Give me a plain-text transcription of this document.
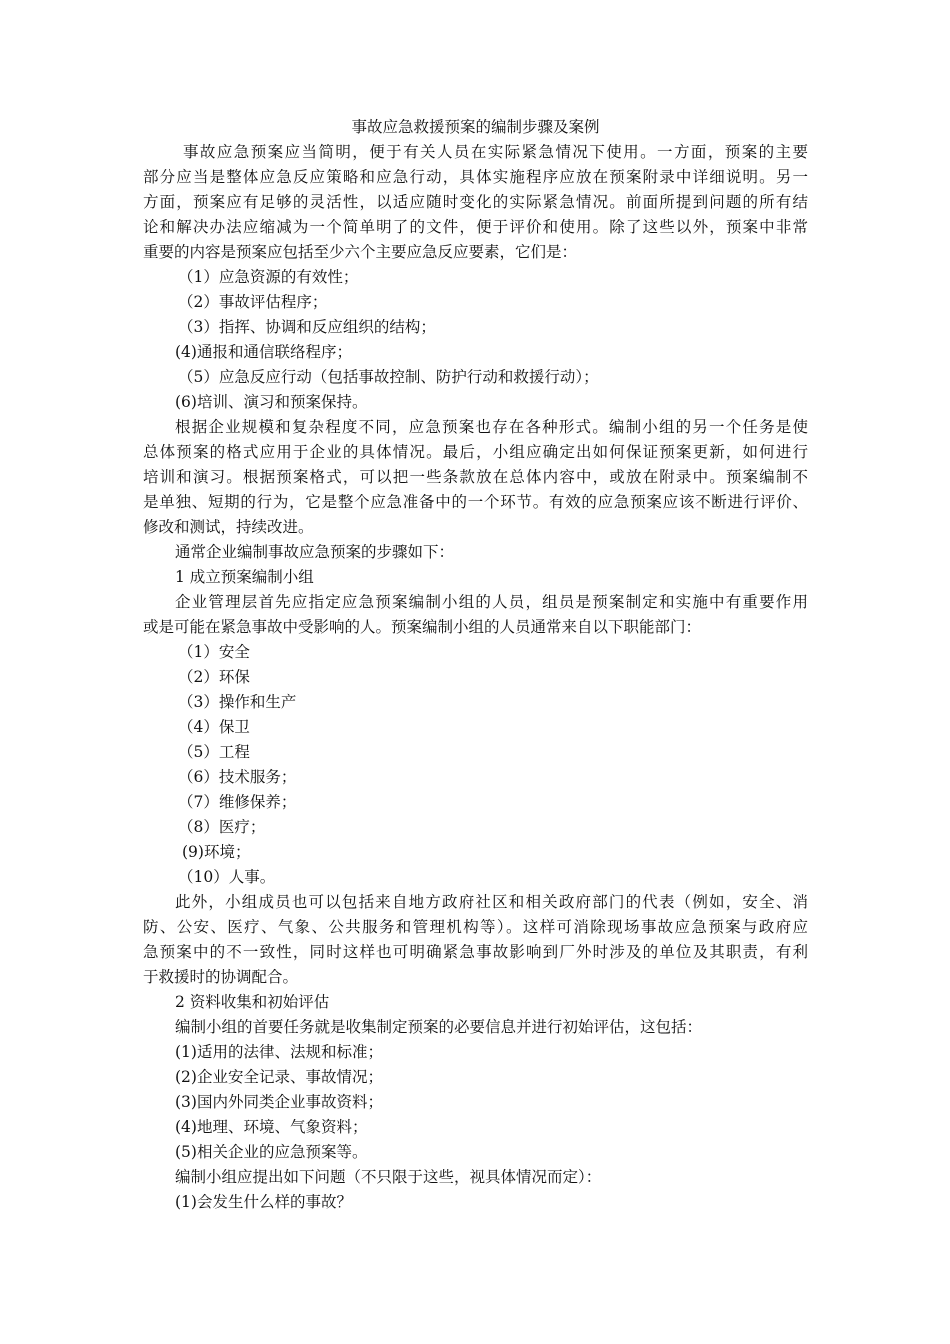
事故应急救援预案的编制步骤及案例
事故应急预案应当简明，便于有关人员在实际紧急情况下使用。一方面，预案的主要
部分应当是整体应急反应策略和应急行动，具体实施程序应放在预案附录中详细说明。另一
方面，预案应有足够的灵活性，以适应随时变化的实际紧急情况。前面所提到问题的所有结
论和解决办法应缩减为一个简单明了的文件，便于评价和使用。除了这些以外，预案中非常
重要的内容是预案应包括至少六个主要应急反应要素，它们是：
（1）应急资源的有效性；
（2）事故评估程序；
（3）指挥、协调和反应组织的结构；
(4)通报和通信联络程序；
（5）应急反应行动（包括事故控制、防护行动和救援行动）；
(6)培训、演习和预案保持。
根据企业规模和复杂程度不同，应急预案也存在各种形式。编制小组的另一个任务是使
总体预案的格式应用于企业的具体情况。最后，小组应确定出如何保证预案更新，如何进行
培训和演习。根据预案格式，可以把一些条款放在总体内容中，或放在附录中。预案编制不
是单独、短期的行为，它是整个应急准备中的一个环节。有效的应急预案应该不断进行评价、
修改和测试，持续改进。
通常企业编制事故应急预案的步骤如下：
1 成立预案编制小组
企业管理层首先应指定应急预案编制小组的人员，组员是预案制定和实施中有重要作用
或是可能在紧急事故中受影响的人。预案编制小组的人员通常来自以下职能部门：
（1）安全
（2）环保
（3）操作和生产
（4）保卫
（5）工程
（6）技术服务；
（7）维修保养；
（8）医疗；
(9)环境；
（10）人事。
此外，小组成员也可以包括来自地方政府社区和相关政府部门的代表（例如，安全、消
防、公安、医疗、气象、公共服务和管理机构等）。这样可消除现场事故应急预案与政府应
急预案中的不一致性，同时这样也可明确紧急事故影响到厂外时涉及的单位及其职责，有利
于救援时的协调配合。
2 资料收集和初始评估
编制小组的首要任务就是收集制定预案的必要信息并进行初始评估，这包括：
(1)适用的法律、法规和标准；
(2)企业安全记录、事故情况；
(3)国内外同类企业事故资料；
(4)地理、环境、气象资料；
(5)相关企业的应急预案等。
编制小组应提出如下问题（不只限于这些，视具体情况而定）：
(1)会发生什么样的事故？
